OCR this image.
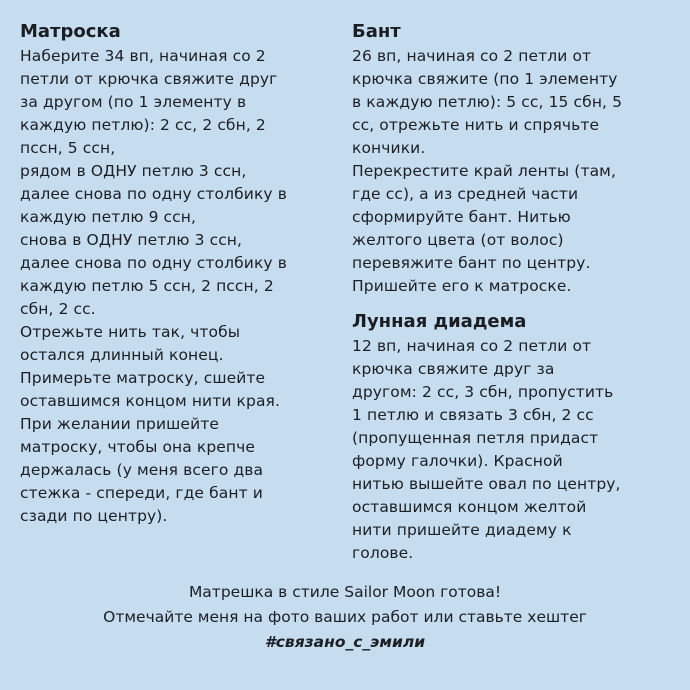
Матроска
Наберите 34 вп, начиная со 2
петли от крючка свяжите друг
за другом (по 1 элементу в
каждую петлю): 2 сс, 2 сбн, 2
пссн, 5 ссн,
рядом в ОДНУ петлю 3 ссн,
далее снова по одну столбику в
каждую петлю 9 ссн,
снова в ОДНУ петлю 3 ссн,
далее снова по одну столбику в
каждую петлю 5 ссн, 2 пссн, 2
сбн, 2 сс.
Отрежьте нить так, чтобы
остался длинный конец.
Примерьте матроску, сшейте
оставшимся концом нити края.
При желании пришейте
матроску, чтобы она крепче
держалась (у меня всего два
стежка - спереди, где бант и
сзади по центру).
Бант
26 вп, начиная со 2 петли от
крючка свяжите (по 1 элементу
в каждую петлю): 5 сс, 15 сбн, 5
сс, отрежьте нить и спрячьте
кончики.
Перекрестите край ленты (там,
где сс), а из средней части
сформируйте бант. Нитью
желтого цвета (от волос)
перевяжите бант по центру.
Пришейте его к матроске.
Лунная диадема
12 вп, начиная со 2 петли от
крючка свяжите друг за
другом: 2 сс, 3 сбн, пропустить
1 петлю и связать 3 сбн, 2 сс
(пропущенная петля придаст
форму галочки). Красной
нитью вышейте овал по центру,
оставшимся концом желтой
нити пришейте диадему к
голове.
Матрешка в стиле Sailor Moon готова!
Отмечайте меня на фото ваших работ или ставьте хештег
#связано_с_эмили
